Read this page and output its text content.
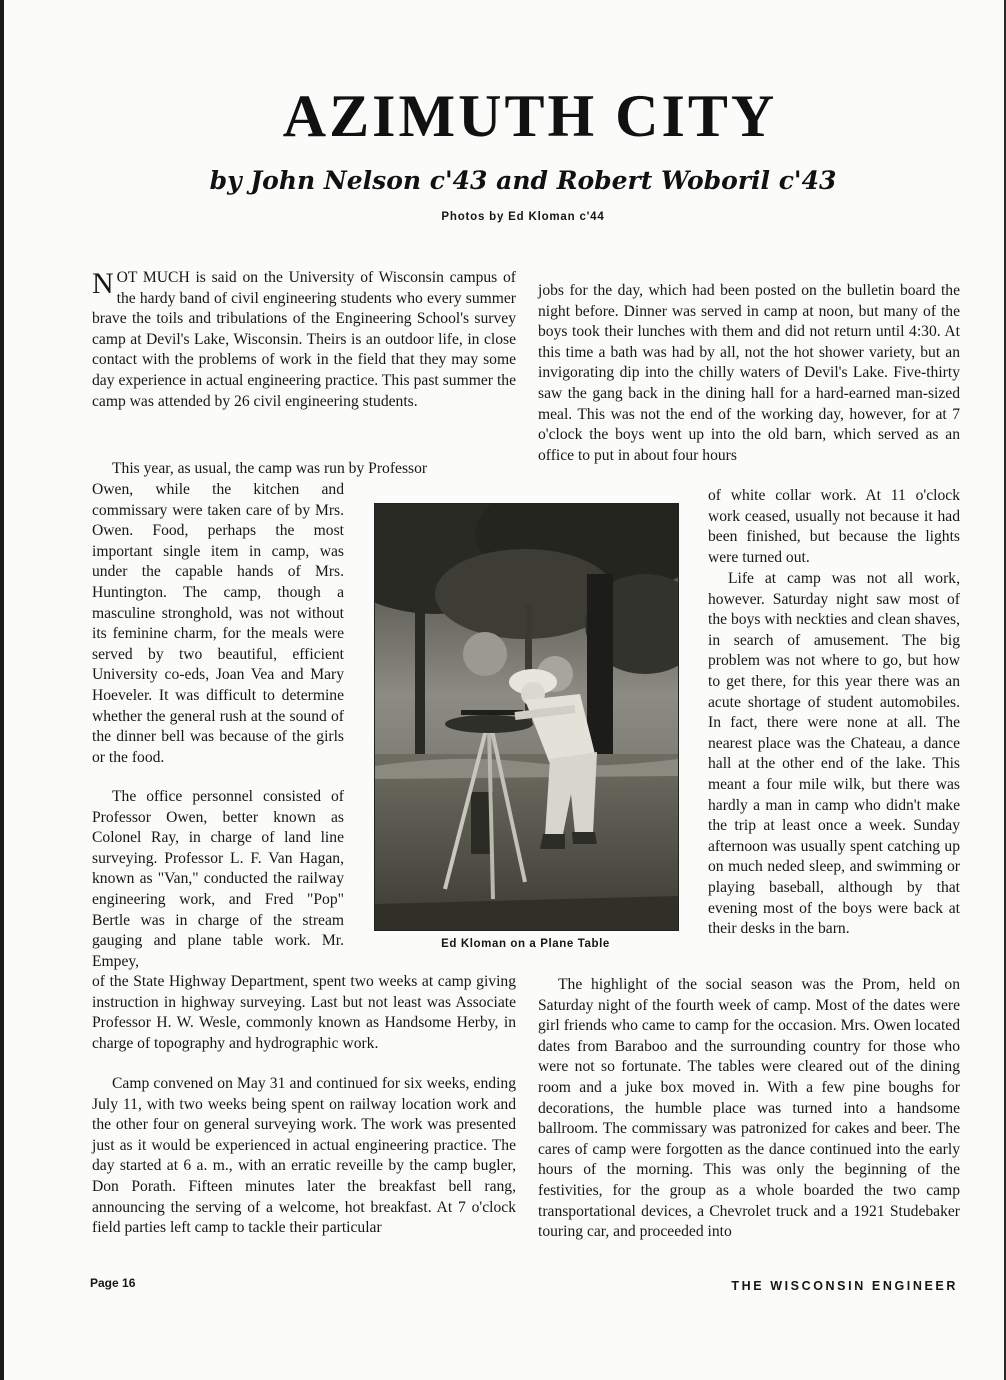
AZIMUTH CITY

by John Nelson c'43 and Robert Woboril c'43

Photos by Ed Kloman c'44

NOT MUCH is said on the University of Wisconsin campus of the hardy band of civil engineering students who every summer brave the toils and tribulations of the Engineering School's survey camp at Devil's Lake, Wisconsin. Theirs is an outdoor life, in close contact with the problems of work in the field that they may some day experience in actual engineering practice. This past summer the camp was attended by 26 civil engineering students.

This year, as usual, the camp was run by Professor

Owen, while the kitchen and commissary were taken care of by Mrs. Owen. Food, perhaps the most important single item in camp, was under the capable hands of Mrs. Huntington. The camp, though a masculine stronghold, was not without its feminine charm, for the meals were served by two beautiful, efficient University co-eds, Joan Vea and Mary Hoeveler. It was difficult to determine whether the general rush at the sound of the dinner bell was because of the girls or the food.

The office personnel consisted of Professor Owen, better known as Colonel Ray, in charge of land line surveying. Professor L. F. Van Hagan, known as "Van," conducted the railway engineering work, and Fred "Pop" Bertle was in charge of the stream gauging and plane table work. Mr. Empey,

of the State Highway Department, spent two weeks at camp giving instruction in highway surveying. Last but not least was Associate Professor H. W. Wesle, commonly known as Handsome Herby, in charge of topography and hydrographic work.

Camp convened on May 31 and continued for six weeks, ending July 11, with two weeks being spent on railway location work and the other four on general surveying work. The work was presented just as it would be experienced in actual engineering practice. The day started at 6 a. m., with an erratic reveille by the camp bugler, Don Porath. Fifteen minutes later the breakfast bell rang, announcing the serving of a welcome, hot breakfast. At 7 o'clock field parties left camp to tackle their particular

jobs for the day, which had been posted on the bulletin board the night before. Dinner was served in camp at noon, but many of the boys took their lunches with them and did not return until 4:30. At this time a bath was had by all, not the hot shower variety, but an invigorating dip into the chilly waters of Devil's Lake. Five-thirty saw the gang back in the dining hall for a hard-earned man-sized meal. This was not the end of the working day, however, for at 7 o'clock the boys went up into the old barn, which served as an office to put in about four hours

of white collar work. At 11 o'clock work ceased, usually not because it had been finished, but because the lights were turned out.

Life at camp was not all work, however. Saturday night saw most of the boys with neckties and clean shaves, in search of amusement. The big problem was not where to go, but how to get there, for this year there was an acute shortage of student automobiles. In fact, there were none at all. The nearest place was the Chateau, a dance hall at the other end of the lake. This meant a four mile wilk, but there was hardly a man in camp who didn't make the trip at least once a week. Sunday afternoon was usually spent catching up on much neded sleep, and swimming or playing baseball, although by that evening most of the boys were back at their desks in the barn.

The highlight of the social season was the Prom, held on Saturday night of the fourth week of camp. Most of the dates were girl friends who came to camp for the occasion. Mrs. Owen located dates from Baraboo and the surrounding country for those who were not so fortunate. The tables were cleared out of the dining room and a juke box moved in. With a few pine boughs for decorations, the humble place was turned into a handsome ballroom. The commissary was patronized for cakes and beer. The cares of camp were forgotten as the dance continued into the early hours of the morning. This was only the beginning of the festivities, for the group as a whole boarded the two camp transportational devices, a Chevrolet truck and a 1921 Studebaker touring car, and proceeded into

Ed Kloman on a Plane Table

Page 16	THE WISCONSIN ENGINEER
